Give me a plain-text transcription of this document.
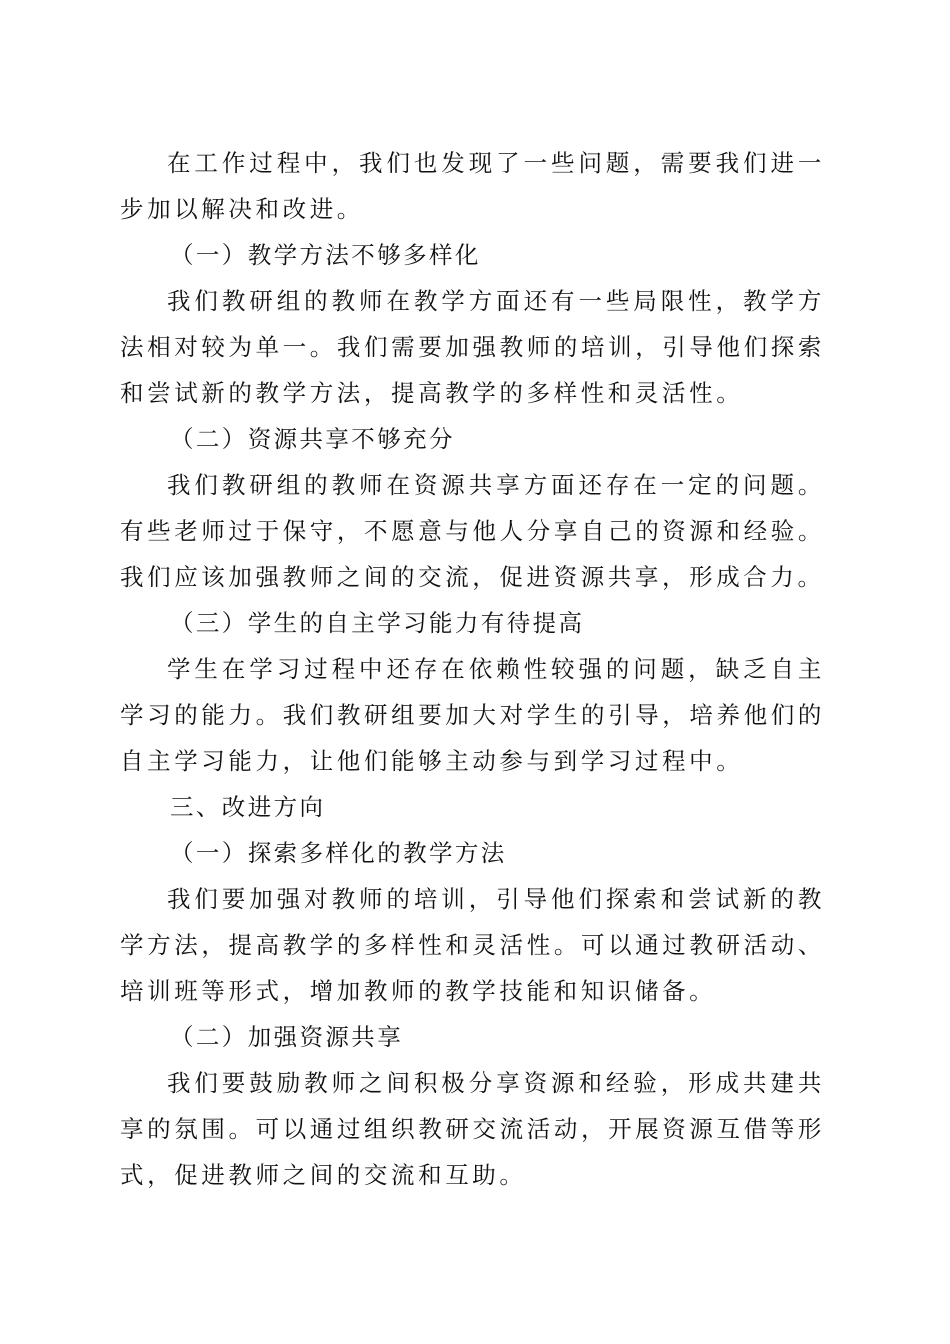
在工作过程中，我们也发现了一些问题，需要我们进一步加以解决和改进。

（一）教学方法不够多样化

我们教研组的教师在教学方面还有一些局限性，教学方法相对较为单一。我们需要加强教师的培训，引导他们探索和尝试新的教学方法，提高教学的多样性和灵活性。

（二）资源共享不够充分

我们教研组的教师在资源共享方面还存在一定的问题。有些老师过于保守，不愿意与他人分享自己的资源和经验。我们应该加强教师之间的交流，促进资源共享，形成合力。

（三）学生的自主学习能力有待提高

学生在学习过程中还存在依赖性较强的问题，缺乏自主学习的能力。我们教研组要加大对学生的引导，培养他们的自主学习能力，让他们能够主动参与到学习过程中。

三、改进方向

（一）探索多样化的教学方法

我们要加强对教师的培训，引导他们探索和尝试新的教学方法，提高教学的多样性和灵活性。可以通过教研活动、培训班等形式，增加教师的教学技能和知识储备。

（二）加强资源共享

我们要鼓励教师之间积极分享资源和经验，形成共建共享的氛围。可以通过组织教研交流活动，开展资源互借等形式，促进教师之间的交流和互助。
